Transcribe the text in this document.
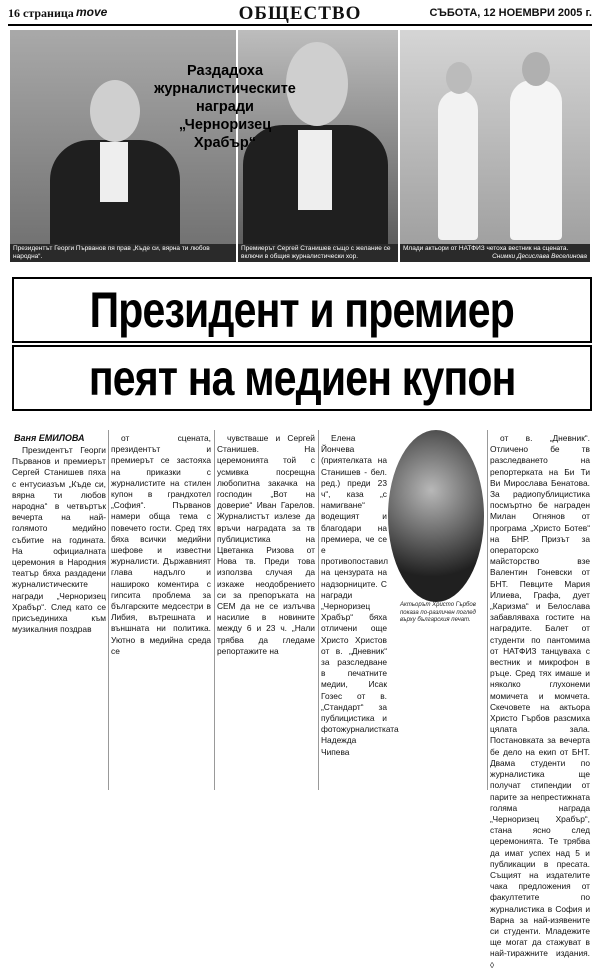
16 страница move	ОБЩЕСТВО	СЪБОТА, 12 НОЕМВРИ 2005 г.
Президентът Георги Първанов пя прав „Къде си, вярна ти любов народна“.
Премиерът Сергей Станишев също с желание се включи в общия журналистически хор.
Раздадоха журналистическите награди „Черноризец Храбър“
Млади актьори от НАТФИЗ четоха вестник на сцената.
Снимки Десислава Веселинова
Президент и премиер
пеят на медиен купон
Ваня ЕМИЛОВА

Президентът Георги Първанов и премиерът Сергей Станишев пяха с ентусиазъм „Къде си, вярна ти любов народна“ в четвъртък вечерта на най-голямото медийно събитие на годината. На официалната церемония в Народния театър бяха раздадени журналистическите награди „Черноризец Храбър“. След като се присъединиха към музикалния поздрав

от сцената, президентът и премиерът се застояха на приказки с журналистите на стилен купон в грандхотел „София“. Първанов намери обща тема с повечето гости. Сред тях бяха всички медийни шефове и известни журналисти. Държавният глава надълго и нашироко коментира с гипсита проблема за българските медсестри в Либия, вътрешната и външната ни политика. Уютно в медийна среда се

чувстваше и Сергей Станишев. На церемонията той с усмивка посрещна любопитна закачка на господин „Вот на доверие“ Иван Гарелов. Журналистът излезе да връчи наградата за тв публицистика на Цветанка Ризова от Нова тв. Преди това използва случая да изкаже неодобрението си за препоръката на СЕМ да не се излъчва насилие в новините между 6 и 23 ч. „Нали трябва да гледаме репортажите на

Елена Йончева (приятелката на Станишев - бел. ред.) преди 23 ч“, каза „с намигване“ водещият и благодари на премиера, че се е противопоставил на цензурата на надзорниците. С награди „Черноризец Храбър“ бяха отличени още Христо Христов от в. „Дневник“ за разследване в печатните медии, Исак Гозес от в. „Стандарт“ за публицистика и фотожурналистката Надежда Чипева

Актьорът Христо Гърбов показа по-различен поглед върху българския печат.

от в. „Дневник“. Отличено бе тв разследването на репортерката на Би Ти Ви Мирослава Бенатова. За радиопублицистика посмъртно бе награден Милан Огнянов от програма „Христо Ботев“ на БНР. Призът за операторско майсторство взе Валентин Гоневски от БНТ. Певците Мария Илиева, Графа, дует „Каризма“ и Белослава забавляваха гостите на наградите. Балет от студенти по пантомима от НАТФИЗ танцуваха с вестник и микрофон в ръце. Сред тях имаше и няколко глухонеми момичета и момчета. Скечовете на актьора Христо Гърбов разсмиха цялата зала. Постановката за вечерта бе дело на екип от БНТ. Двама студенти по журналистика ще получат стипендии от парите за непрестижната голяма награда „Черноризец Храбър“, стана ясно след церемонията. Те трябва да имат успех над 5 и публикации в пресата. Същият на издателите чака предложения от факултетите по журналистика в София и Варна за най-изявените си студенти. Младежите ще могат да стажуват в най-тиражните издания. ◊
